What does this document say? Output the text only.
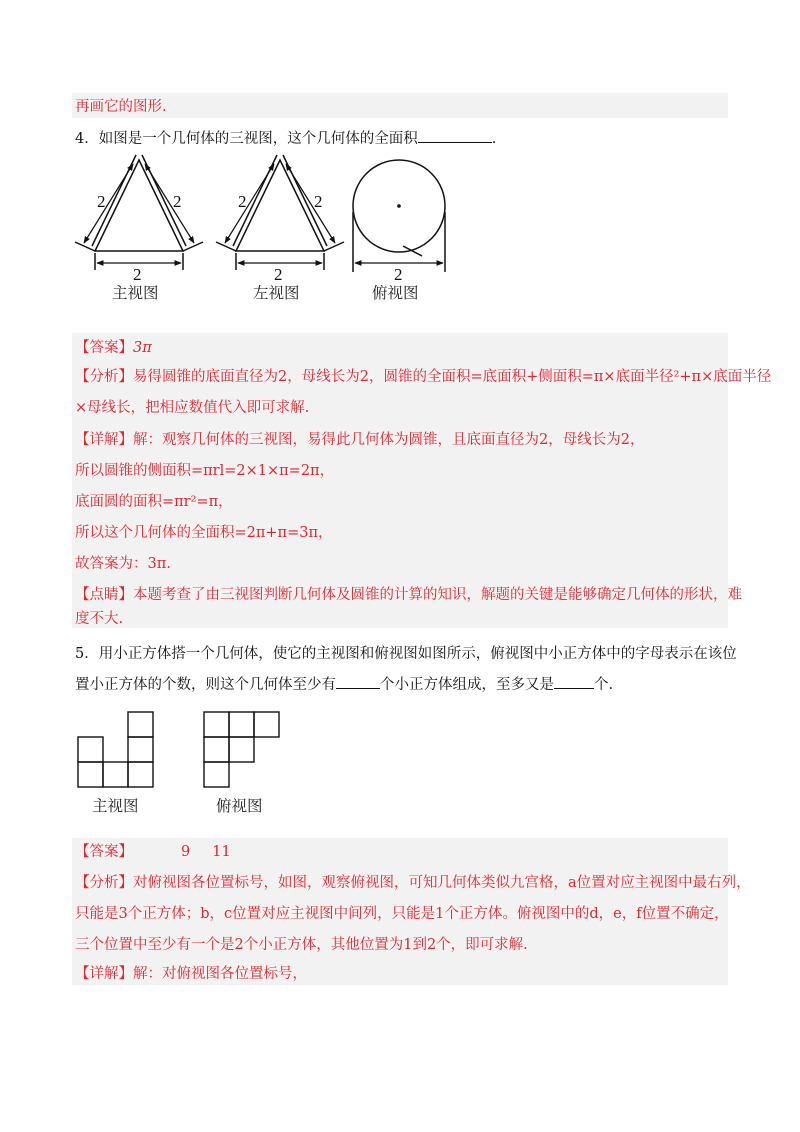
再画它的图形.
4．如图是一个几何体的三视图，这个几何体的全面积	.
2	2
2
2	2
2	2
主视图	左视图	俯视图
【答案】3π
【分析】易得圆锥的底面直径为2，母线长为2，圆锥的全面积=底面积+侧面积=π×底面半径²+π×底面半径
×母线长，把相应数值代入即可求解.
【详解】解：观察几何体的三视图，易得此几何体为圆锥，且底面直径为2，母线长为2，
所以圆锥的侧面积=πrl=2×1×π=2π，
底面圆的面积=πr²=π，
所以这个几何体的全面积=2π+π=3π，
故答案为：3π.
【点睛】本题考查了由三视图判断几何体及圆锥的计算的知识，解题的关键是能够确定几何体的形状，难
度不大.
5．用小正方体搭一个几何体，使它的主视图和俯视图如图所示，俯视图中小正方体中的字母表示在该位
置小正方体的个数，则这个几何体至少有	个小正方体组成，至多又是	个.
主视图	俯视图
【答案】	9 11
【分析】对俯视图各位置标号，如图，观察俯视图，可知几何体类似九宫格，a位置对应主视图中最右列，
只能是3个正方体；b，c位置对应主视图中间列，只能是1个正方体。俯视图中的d，e，f位置不确定，
三个位置中至少有一个是2个小正方体，其他位置为1到2个，即可求解.
【详解】解：对俯视图各位置标号，
